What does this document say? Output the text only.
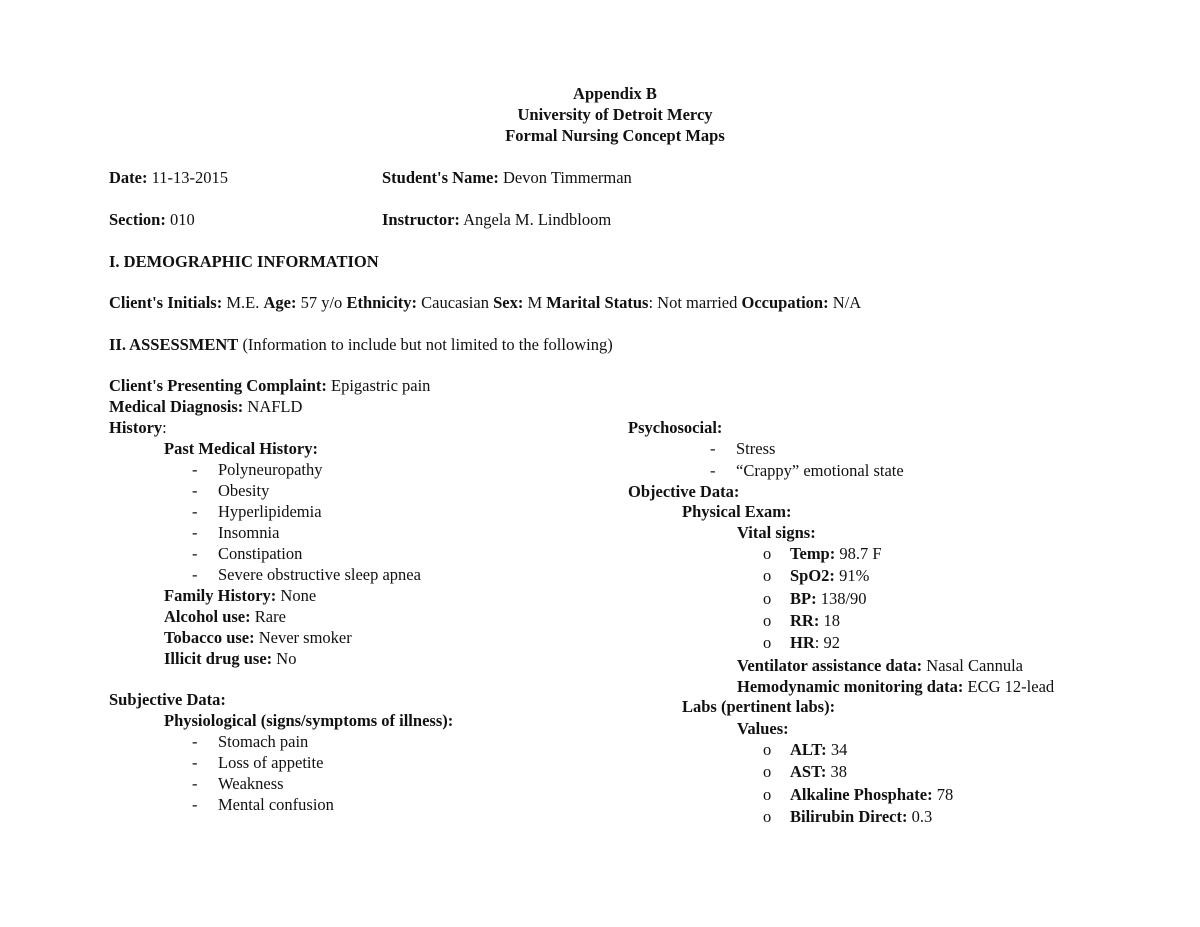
Appendix B
University of Detroit Mercy
Formal Nursing Concept Maps
Date: 11-13-2015	Student's Name: Devon Timmerman
Section: 010	Instructor: Angela M. Lindbloom
I. DEMOGRAPHIC INFORMATION
Client's Initials: M.E. Age: 57 y/o Ethnicity: Caucasian Sex: M Marital Status: Not married Occupation: N/A
II. ASSESSMENT (Information to include but not limited to the following)
Client's Presenting Complaint: Epigastric pain
Medical Diagnosis: NAFLD
History:
Past Medical History:
- Polyneuropathy
- Obesity
- Hyperlipidemia
- Insomnia
- Constipation
- Severe obstructive sleep apnea
Family History: None
Alcohol use: Rare
Tobacco use: Never smoker
Illicit drug use: No
Subjective Data:
Physiological (signs/symptoms of illness):
- Stomach pain
- Loss of appetite
- Weakness
- Mental confusion
Psychosocial:
- Stress
- “Crappy” emotional state
Objective Data:
Physical Exam:
Vital signs:
o Temp: 98.7 F
o SpO2: 91%
o BP: 138/90
o RR: 18
o HR: 92
Ventilator assistance data: Nasal Cannula
Hemodynamic monitoring data: ECG 12-lead
Labs (pertinent labs):
Values:
o ALT: 34
o AST: 38
o Alkaline Phosphate: 78
o Bilirubin Direct: 0.3
